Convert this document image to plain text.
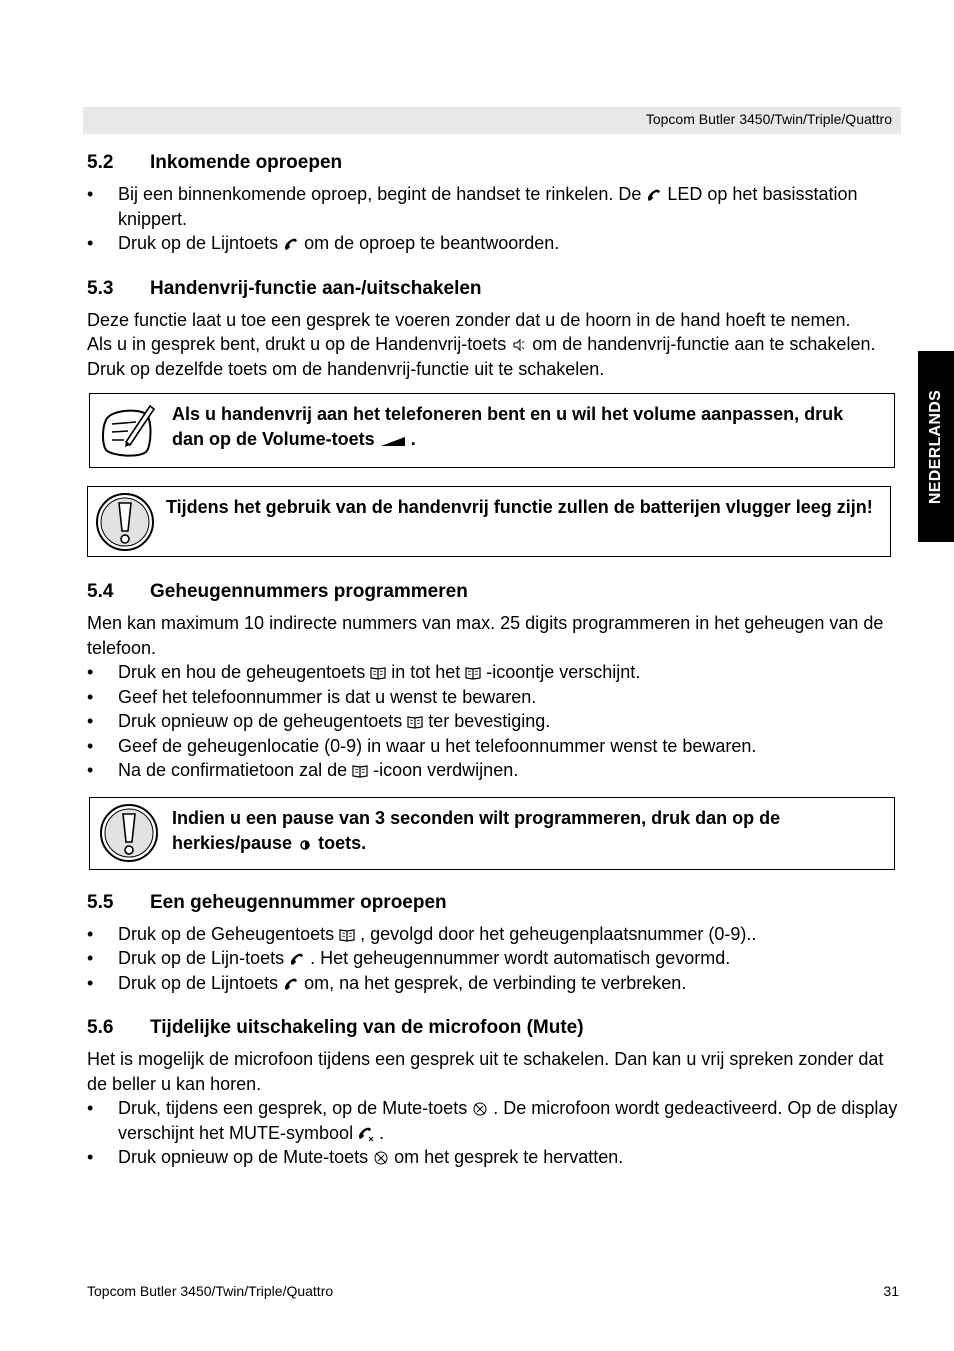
Topcom Butler 3450/Twin/Triple/Quattro
NEDERLANDS
5.2 Inkomende oproepen
• Bij een binnenkomende oproep, begint de handset te rinkelen. De LED op het basisstation knippert.
• Druk op de Lijntoets om de oproep te beantwoorden.
5.3 Handenvrij-functie aan-/uitschakelen

Deze functie laat u toe een gesprek te voeren zonder dat u de hoorn in de hand hoeft te nemen.

Als u in gesprek bent, drukt u op de Handenvrij-toets om de handenvrij-functie aan te schakelen.

Druk op dezelfde toets om de handenvrij-functie uit te schakelen.

Als u handenvrij aan het telefoneren bent en u wil het volume aanpassen, druk dan op de Volume-toets .
Tijdens het gebruik van de handenvrij functie zullen de batterijen vlugger leeg zijn!
5.4 Geheugennummers programmeren

Men kan maximum 10 indirecte nummers van max. 25 digits programmeren in het geheugen van de telefoon.

• Druk en hou de geheugentoets in tot het -icoontje verschijnt.
• Geef het telefoonnummer is dat u wenst te bewaren.
• Druk opnieuw op de geheugentoets ter bevestiging.
• Geef de geheugenlocatie (0-9) in waar u het telefoonnummer wenst te bewaren.
• Na de confirmatietoon zal de -icoon verdwijnen.
Indien u een pause van 3 seconden wilt programmeren, druk dan op de herkies/pause toets.
5.5 Een geheugennummer oproepen
• Druk op de Geheugentoets , gevolgd door het geheugenplaatsnummer (0-9)..
• Druk op de Lijn-toets . Het geheugennummer wordt automatisch gevormd.
• Druk op de Lijntoets om, na het gesprek, de verbinding te verbreken.
5.6 Tijdelijke uitschakeling van de microfoon (Mute)

Het is mogelijk de microfoon tijdens een gesprek uit te schakelen. Dan kan u vrij spreken zonder dat de beller u kan horen.

• Druk, tijdens een gesprek, op de Mute-toets . De microfoon wordt gedeactiveerd. Op de display verschijnt het MUTE-symbool .
• Druk opnieuw op de Mute-toets om het gesprek te hervatten.
Topcom Butler 3450/Twin/Triple/Quattro	31
